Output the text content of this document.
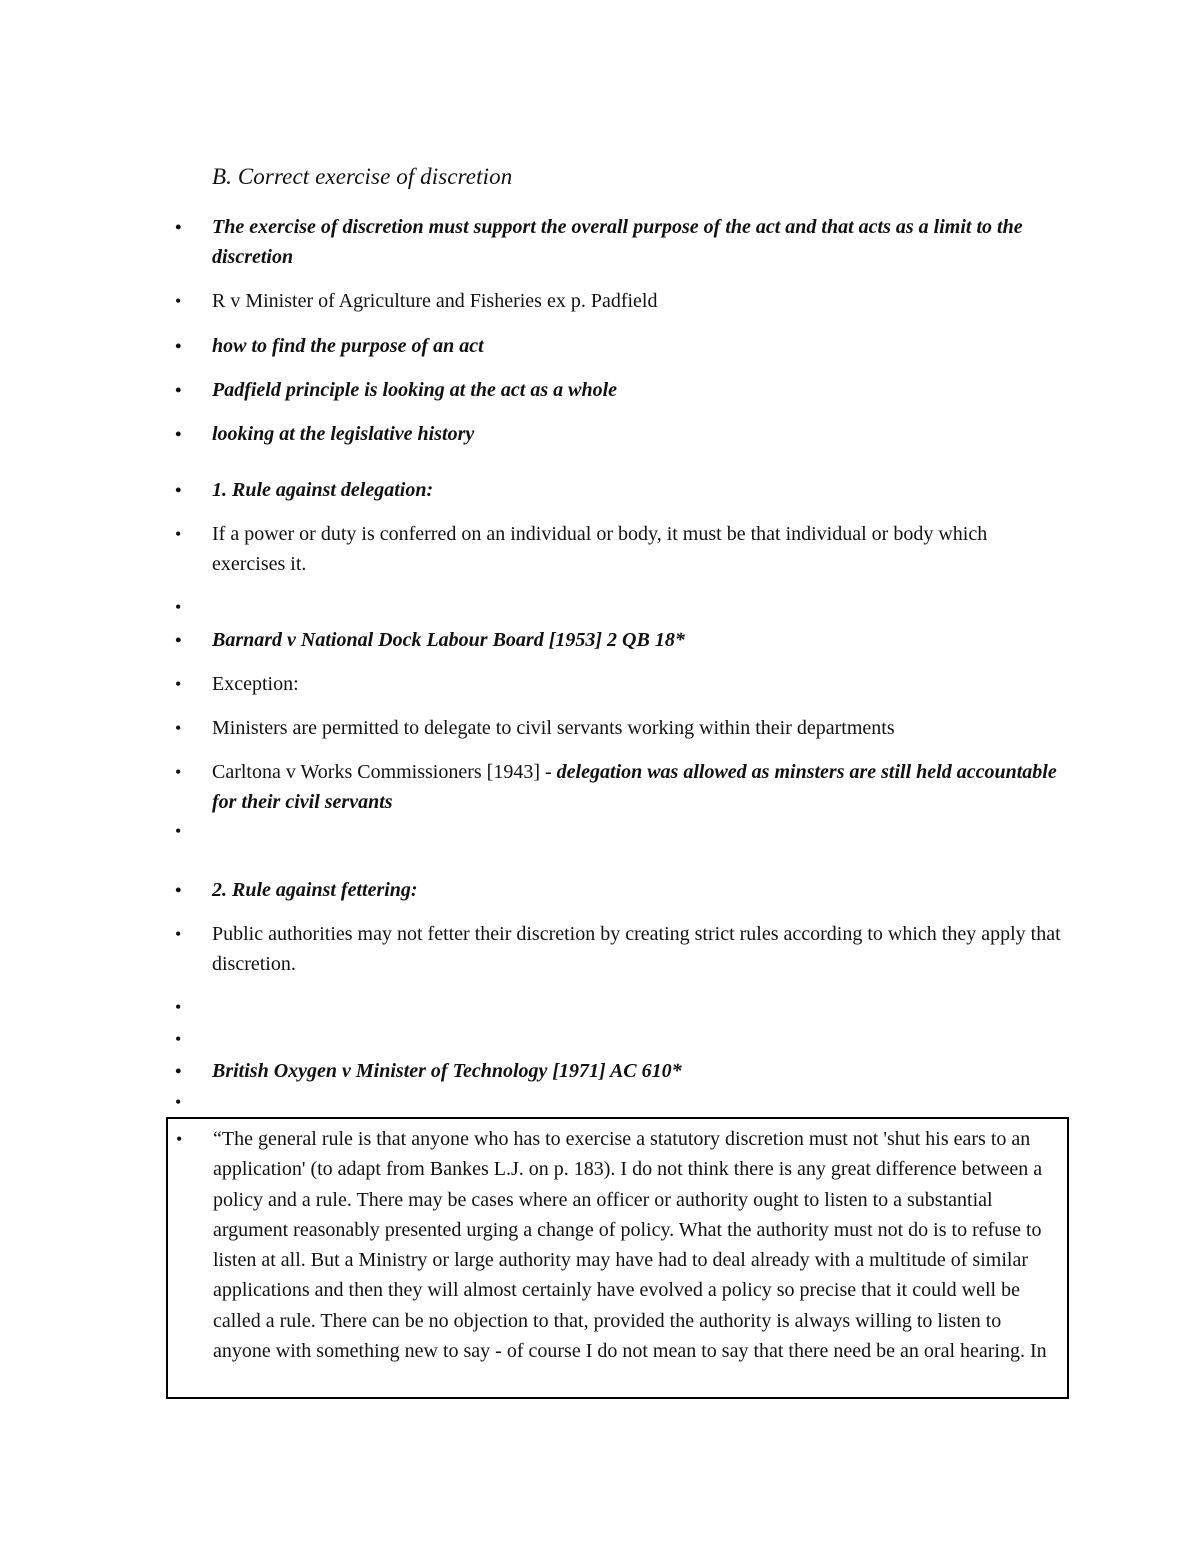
B. Correct exercise of discretion
• The exercise of discretion must support the overall purpose of the act and that acts as a limit to the discretion
• R v Minister of Agriculture and Fisheries ex p. Padfield
• how to find the purpose of an act
• Padfield principle is looking at the act as a whole
• looking at the legislative history
• 1. Rule against delegation:
• If a power or duty is conferred on an individual or body, it must be that individual or body which exercises it.
•
• Barnard v National Dock Labour Board [1953] 2 QB 18*
• Exception:
• Ministers are permitted to delegate to civil servants working within their departments
• Carltona v Works Commissioners [1943] - delegation was allowed as minsters are still held accountable for their civil servants
•
• 2. Rule against fettering:
• Public authorities may not fetter their discretion by creating strict rules according to which they apply that discretion.
•
•
• British Oxygen v Minister of Technology [1971] AC 610*
•
• “The general rule is that anyone who has to exercise a statutory discretion must not 'shut his ears to an application' (to adapt from Bankes L.J. on p. 183). I do not think there is any great difference between a policy and a rule. There may be cases where an officer or authority ought to listen to a substantial argument reasonably presented urging a change of policy. What the authority must not do is to refuse to listen at all. But a Ministry or large authority may have had to deal already with a multitude of similar applications and then they will almost certainly have evolved a policy so precise that it could well be called a rule. There can be no objection to that, provided the authority is always willing to listen to anyone with something new to say - of course I do not mean to say that there need be an oral hearing. In
